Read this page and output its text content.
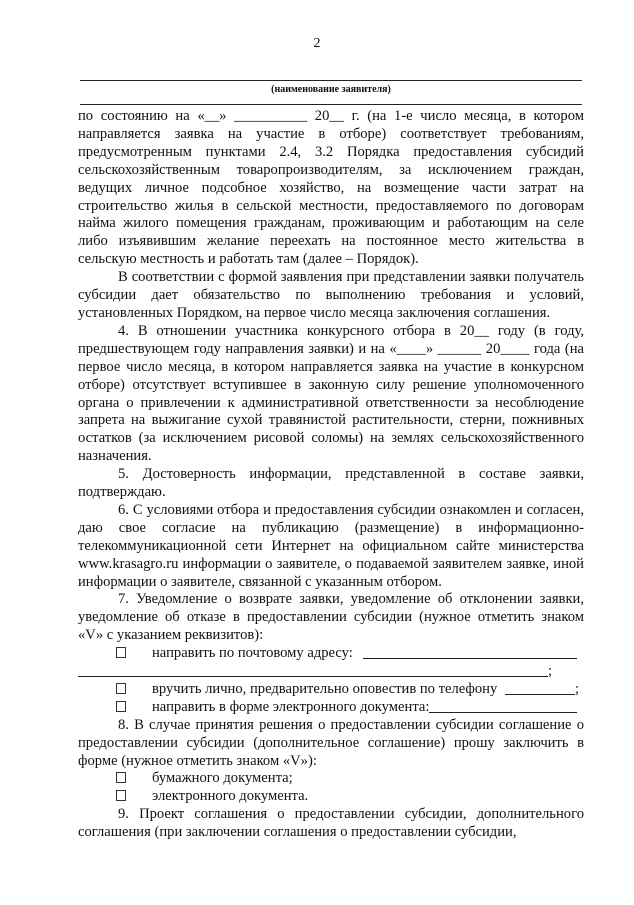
2
(наименование заявителя)

по состоянию на «__» __________ 20__ г. (на 1-е число месяца, в котором направляется заявка на участие в отборе) соответствует требованиям, предусмотренным пунктами 2.4, 3.2 Порядка предоставления субсидий сельскохозяйственным товаропроизводителям, за исключением граждан, ведущих личное подсобное хозяйство, на возмещение части затрат на строительство жилья в сельской местности, предоставляемого по договорам найма жилого помещения гражданам, проживающим и работающим на селе либо изъявившим желание переехать на постоянное место жительства в сельскую местность и работать там (далее – Порядок).

В соответствии с формой заявления при представлении заявки получатель субсидии дает обязательство по выполнению требования и условий, установленных Порядком, на первое число месяца заключения соглашения.

4. В отношении участника конкурсного отбора в 20__ году (в году, предшествующем году направления заявки) и на «____» ______ 20____ года (на первое число месяца, в котором направляется заявка на участие в конкурсном отборе) отсутствует вступившее в законную силу решение уполномоченного органа о привлечении к административной ответственности за несоблюдение запрета на выжигание сухой травянистой растительности, стерни, пожнивных остатков (за исключением рисовой соломы) на землях сельскохозяйственного назначения.

5. Достоверность информации, представленной в составе заявки, подтверждаю.

6. С условиями отбора и предоставления субсидии ознакомлен и согласен, даю свое согласие на публикацию (размещение) в информационно-телекоммуникационной сети Интернет на официальном сайте министерства www.krasagro.ru информации о заявителе, о подаваемой заявителем заявке, иной информации о заявителе, связанной с указанным отбором.

7. Уведомление о возврате заявки, уведомление об отклонении заявки, уведомление об отказе в предоставлении субсидии (нужное отметить знаком «V» с указанием реквизитов):

направить по почтовому адресу:
;
вручить лично, предварительно оповестив по телефону	;
направить в форме электронного документа:

8. В случае принятия решения о предоставлении субсидии соглашение о предоставлении субсидии (дополнительное соглашение) прошу заключить в форме (нужное отметить знаком «V»):

бумажного документа;
электронного документа.

9. Проект соглашения о предоставлении субсидии, дополнительного соглашения (при заключении соглашения о предоставлении субсидии,
